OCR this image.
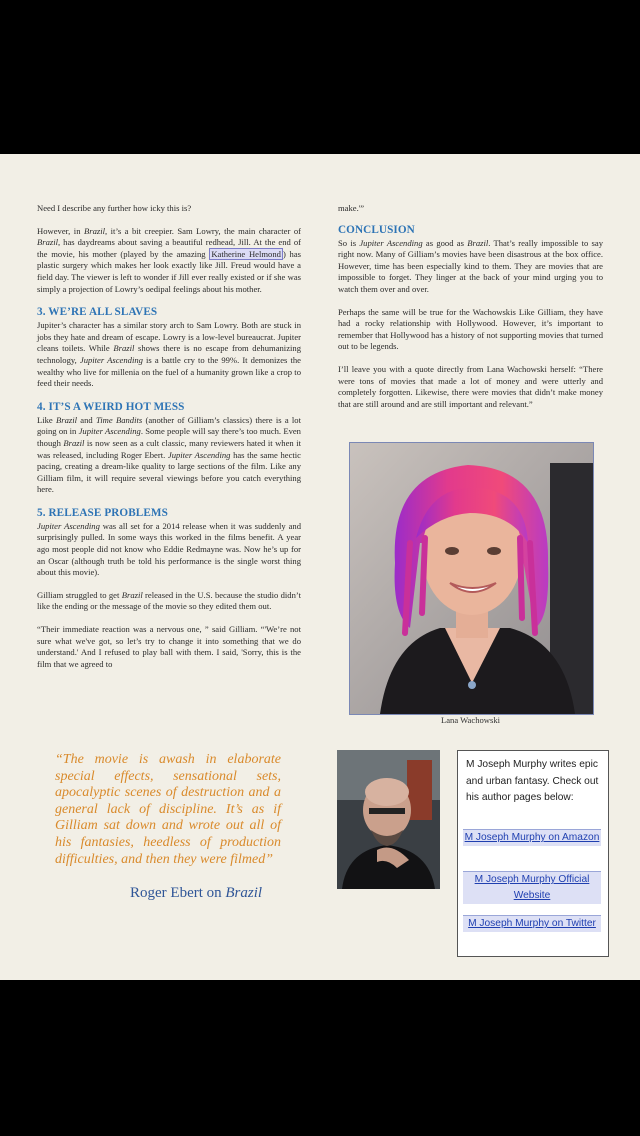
Need I describe any further how icky this is?

However, in Brazil, it’s a bit creepier. Sam Lowry, the main character of Brazil, has daydreams about saving a beautiful redhead, Jill. At the end of the movie, his mother (played by the amazing Katherine Helmond ) has plastic surgery which makes her look exactly like Jill. Freud would have a field day. The viewer is left to wonder if Jill ever really existed or if she was simply a projection of Lowry’s oedipal feelings about his mother.

3. WE’RE ALL SLAVES

Jupiter’s character has a similar story arch to Sam Lowry. Both are stuck in jobs they hate and dream of escape. Lowry is a low-level bureaucrat. Jupiter cleans toilets. While Brazil shows there is no escape from dehumanizing technology, Jupiter Ascending is a battle cry to the 99%. It demonizes the wealthy who live for millenia on the fuel of a humanity grown like a crop to feed their needs.

4. IT’S A WEIRD HOT MESS

Like Brazil and Time Bandits (another of Gilliam’s classics) there is a lot going on in Jupiter Ascending. Some people will say there’s too much. Even though Brazil is now seen as a cult classic, many reviewers hated it when it was released, including Roger Ebert. Jupiter Ascending has the same hectic pacing, creating a dream-like quality to large sections of the film. Like any Gilliam film, it will require several viewings before you catch everything here.

5. RELEASE PROBLEMS

Jupiter Ascending was all set for a 2014 release when it was suddenly and surprisingly pulled. In some ways this worked in the films benefit. A year ago most people did not know who Eddie Redmayne was. Now he’s up for an Oscar (although truth be told his performance is the single worst thing about this movie).

Gilliam struggled to get Brazil released in the U.S. because the studio didn’t like the ending or the message of the movie so they edited them out.

“Their immediate reaction was a nervous one, ” said Gilliam. “'We’re not sure what we've got, so let’s try to change it into something that we do understand.' And I refused to play ball with them. I said, 'Sorry, this is the film that we agreed to

make.'”

CONCLUSION

So is Jupiter Ascending as good as Brazil. That’s really impossible to say right now. Many of Gilliam’s movies have been disastrous at the box office. However, time has been especially kind to them. They are movies that are impossible to forget. They linger at the back of your mind urging you to watch them over and over.

Perhaps the same will be true for the Wachowskis Like Gilliam, they have had a rocky relationship with Hollywood. However, it’s important to remember that Hollywood has a history of not supporting movies that turned out to be legends.

I’ll leave you with a quote directly from Lana Wachowski herself: “There were tons of movies that made a lot of money and were utterly and completely forgotten. Likewise, there were movies that didn’t make money that are still around and are still important and relevant.”

Lana Wachowski
“The movie is awash in elaborate special effects, sensational sets, apocalyptic scenes of destruction and a general lack of discipline. It’s as if Gilliam sat down and wrote out all of his fantasies, heedless of production difficulties, and then they were filmed”
Roger Ebert on Brazil
M Joseph Murphy writes epic and urban fantasy. Check out his author pages below:
M Joseph Murphy on Amazon
M Joseph Murphy Official Website
M Joseph Murphy on Twitter
